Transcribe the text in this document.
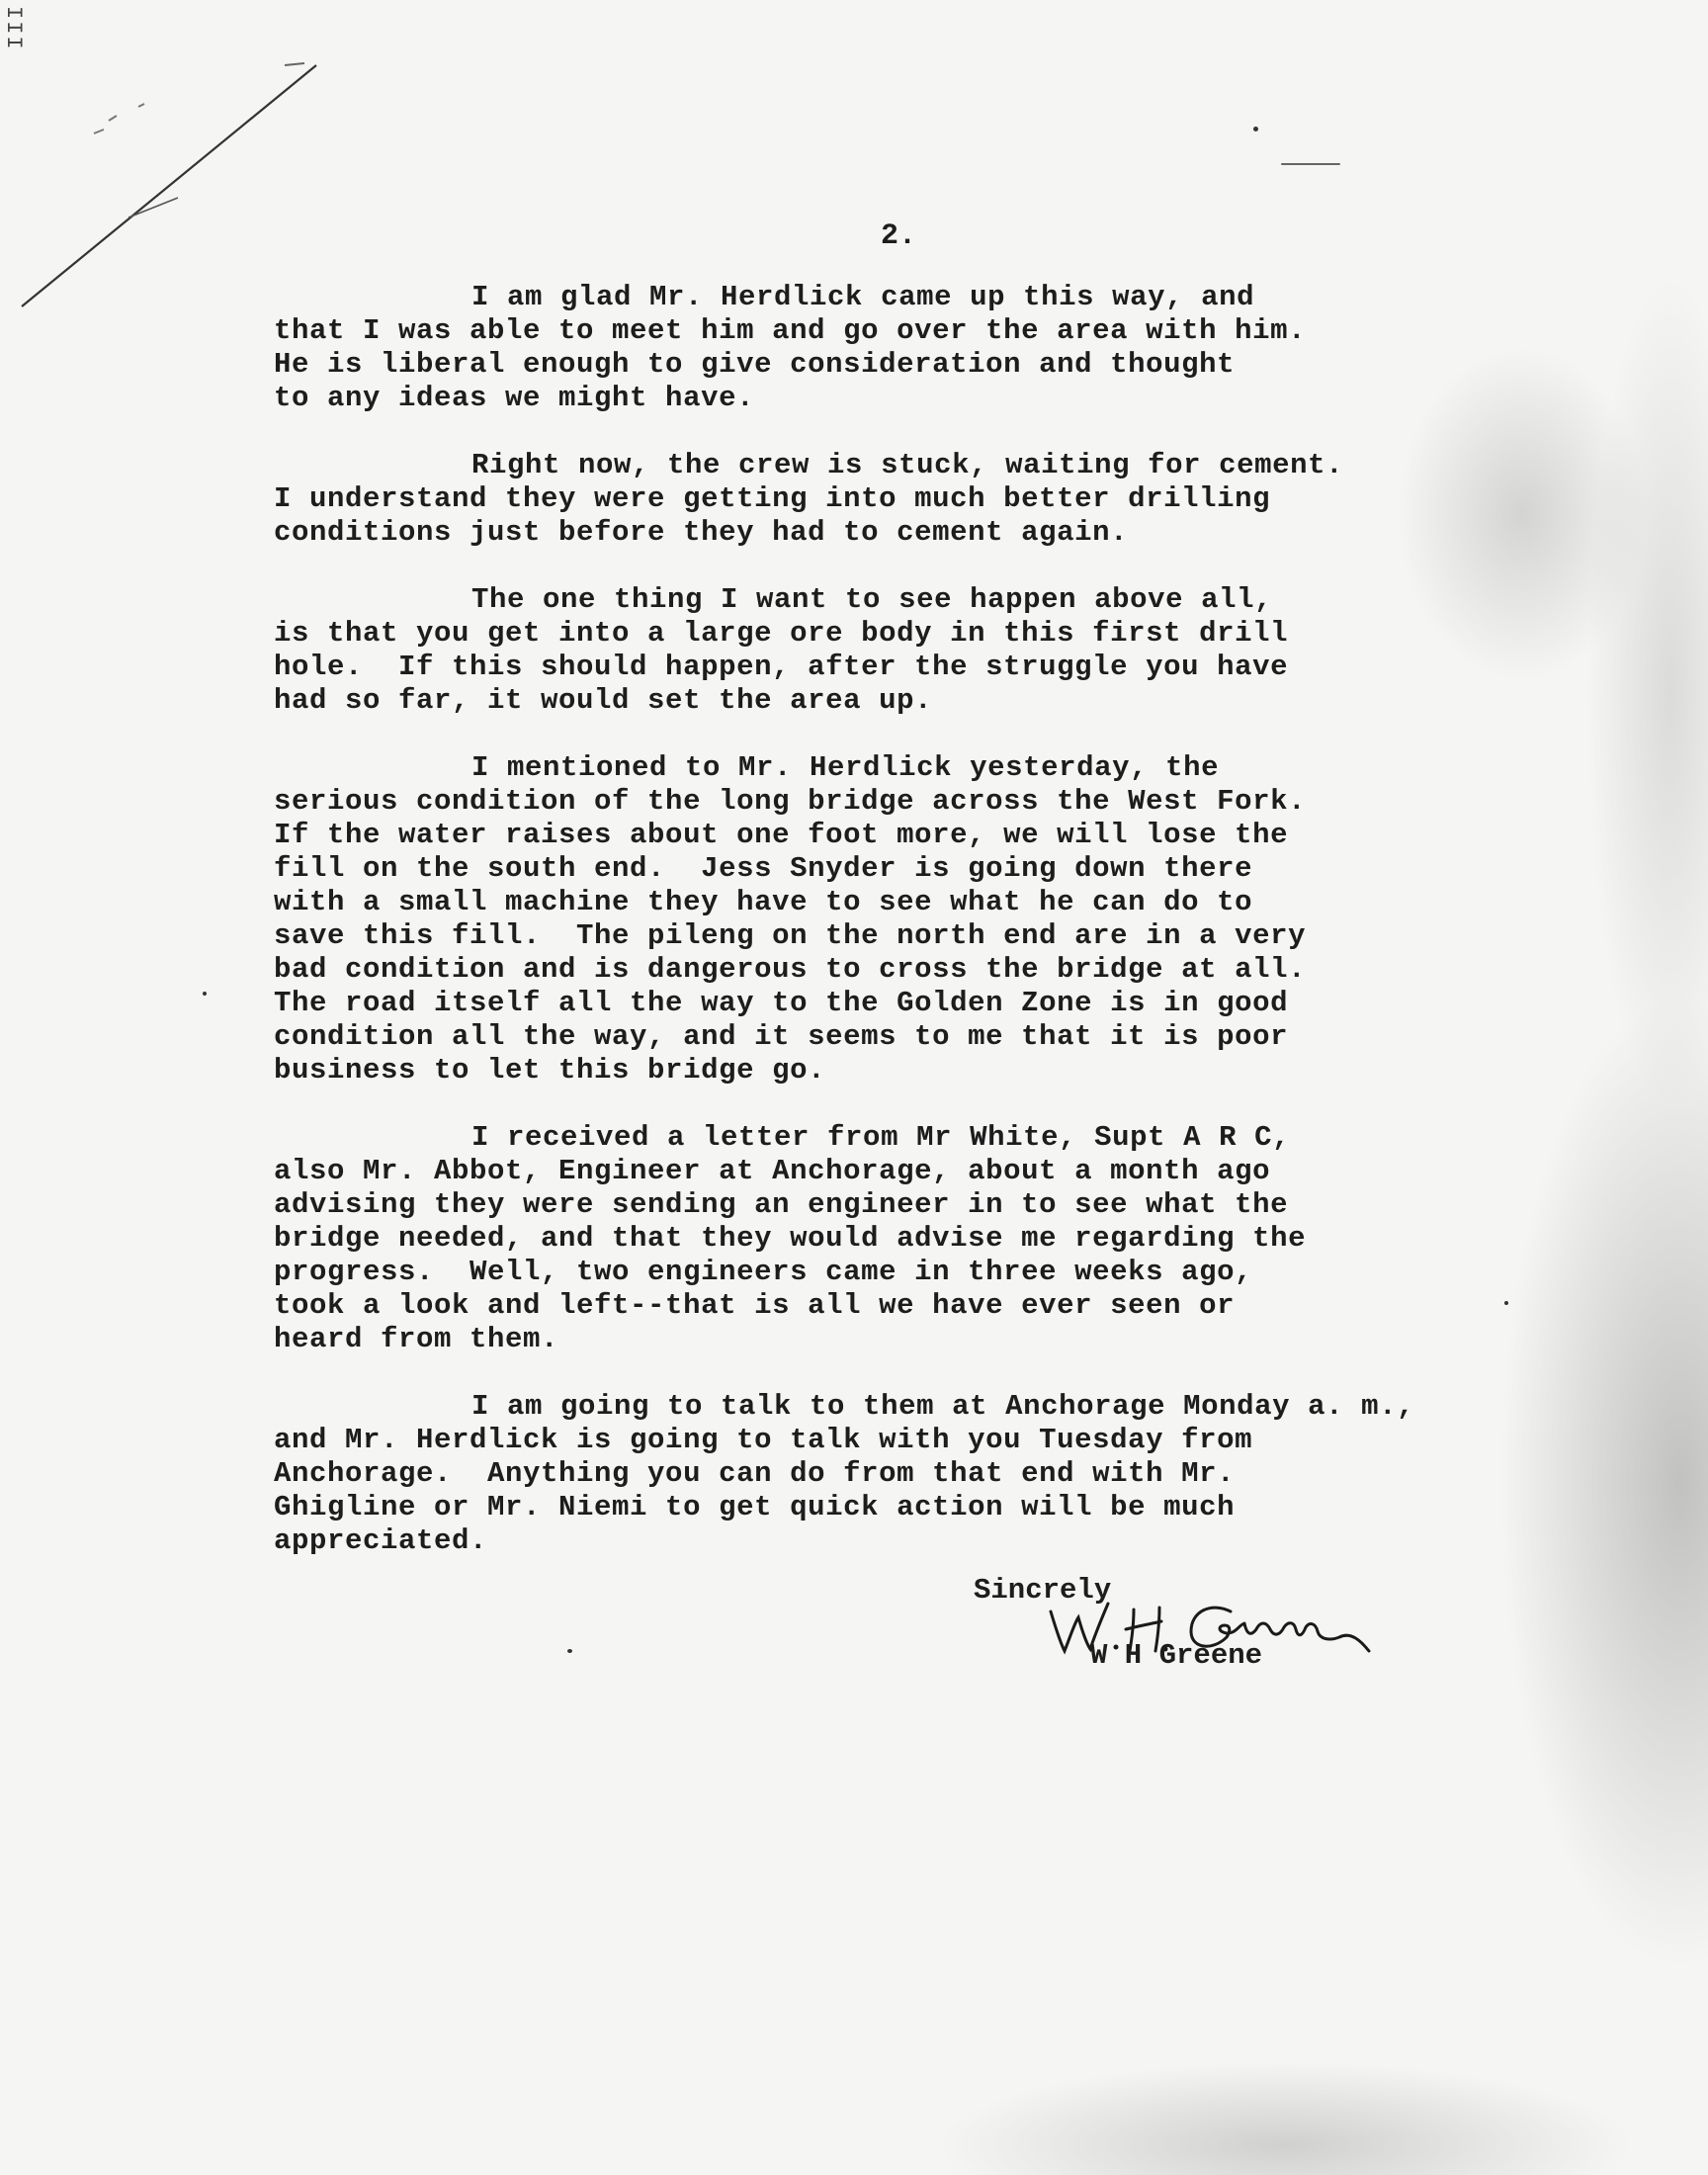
III
2.
I am glad Mr. Herdlick came up this way, and
that I was able to meet him and go over the area with him.
He is liberal enough to give consideration and thought
to any ideas we might have.
Right now, the crew is stuck, waiting for cement.
I understand they were getting into much better drilling
conditions just before they had to cement again.
The one thing I want to see happen above all,
is that you get into a large ore body in this first drill
hole.  If this should happen, after the struggle you have
had so far, it would set the area up.
I mentioned to Mr. Herdlick yesterday, the
serious condition of the long bridge across the West Fork.
If the water raises about one foot more, we will lose the
fill on the south end.  Jess Snyder is going down there
with a small machine they have to see what he can do to
save this fill.  The pileng on the north end are in a very
bad condition and is dangerous to cross the bridge at all.
The road itself all the way to the Golden Zone is in good
condition all the way, and it seems to me that it is poor
business to let this bridge go.
I received a letter from Mr White, Supt A R C,
also Mr. Abbot, Engineer at Anchorage, about a month ago
advising they were sending an engineer in to see what the
bridge needed, and that they would advise me regarding the
progress.  Well, two engineers came in three weeks ago,
took a look and left--that is all we have ever seen or
heard from them.
I am going to talk to them at Anchorage Monday a. m.,
and Mr. Herdlick is going to talk with you Tuesday from
Anchorage.  Anything you can do from that end with Mr.
Ghigline or Mr. Niemi to get quick action will be much
appreciated.
Sincrely
W H Greene
